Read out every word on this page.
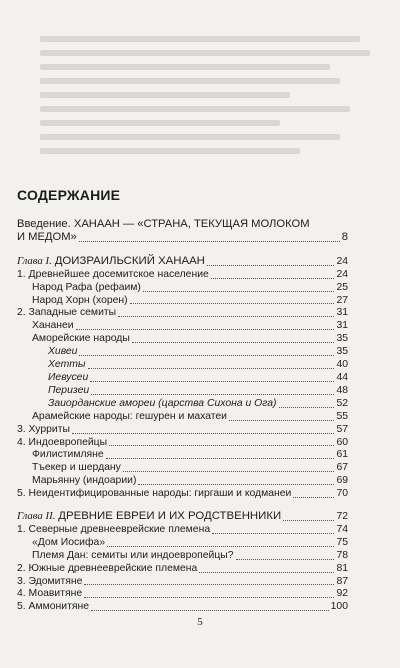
СОДЕРЖАНИЕ
Введение. ХАНААН — «СТРАНА, ТЕКУЩАЯ МОЛОКОМ
И МЕДОМ»	8
Глава I. ДОИЗРАИЛЬСКИЙ ХАНААН	24
1. Древнейшее досемитское население	24
Народ Рафа (рефаим)	25
Народ Хорн (хорен)	27
2. Западные семиты	31
Хананеи	31
Аморейские народы	35
Хивеи	35
Хетты	40
Иевусеи	44
Перизеи	48
Заиорданские амореи (царства Сихона и Ога)	52
Арамейские народы: гешурен и махатеи	55
3. Хурриты	57
4. Индоевропейцы	60
Филистимляне	61
Тъекер и шердану	67
Марьянну (индоарии)	69
5. Неидентифицированные народы: гиргаши и кодманеи	70
Глава II. ДРЕВНИЕ ЕВРЕИ И ИХ РОДСТВЕННИКИ	72
1. Северные древнееврейские племена	74
«Дом Иосифа»	75
Племя Дан: семиты или индоевропейцы?	78
2. Южные древнееврейские племена	81
3. Эдомитяне	87
4. Моавитяне	92
5. Аммонитяне	100
5
